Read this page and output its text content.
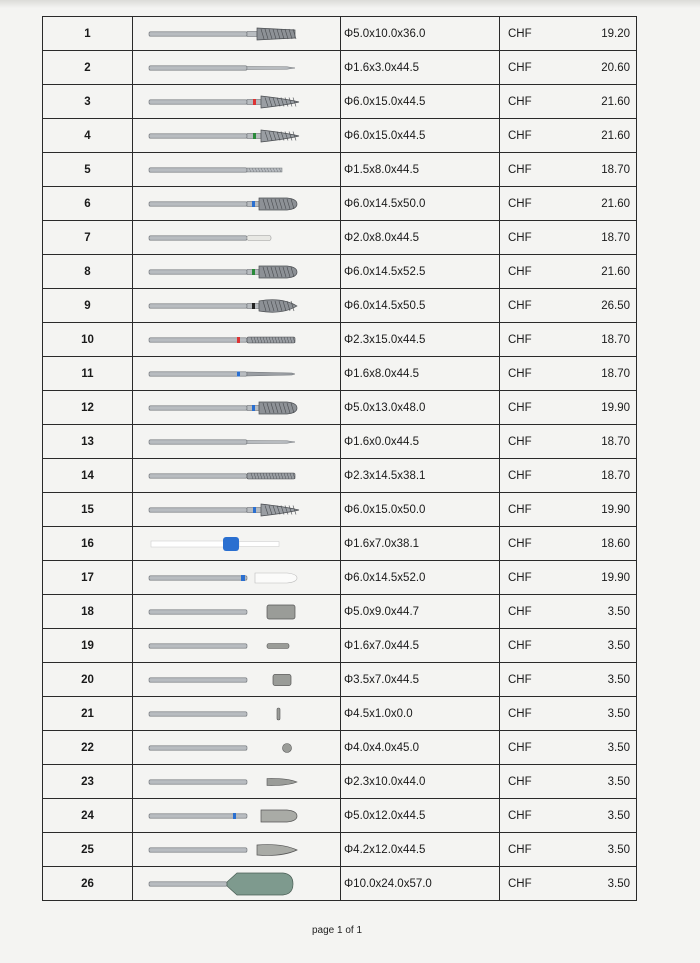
1		Φ5.0x10.0x36.0	CHF 19.20

2		Φ1.6x3.0x44.5	CHF 20.60

3		Φ6.0x15.0x44.5	CHF 21.60

4		Φ6.0x15.0x44.5	CHF 21.60

5		Φ1.5x8.0x44.5	CHF 18.70

6		Φ6.0x14.5x50.0	CHF 21.60

7		Φ2.0x8.0x44.5	CHF 18.70

8		Φ6.0x14.5x52.5	CHF 21.60

9		Φ6.0x14.5x50.5	CHF 26.50

10		Φ2.3x15.0x44.5	CHF 18.70

11		Φ1.6x8.0x44.5	CHF 18.70

12		Φ5.0x13.0x48.0	CHF 19.90

13		Φ1.6x0.0x44.5	CHF 18.70

14		Φ2.3x14.5x38.1	CHF 18.70

15		Φ6.0x15.0x50.0	CHF 19.90

16		Φ1.6x7.0x38.1	CHF 18.60

17		Φ6.0x14.5x52.0	CHF 19.90

18		Φ5.0x9.0x44.7	CHF 3.50

19		Φ1.6x7.0x44.5	CHF 3.50

20		Φ3.5x7.0x44.5	CHF 3.50

21		Φ4.5x1.0x0.0	CHF 3.50

22		Φ4.0x4.0x45.0	CHF 3.50

23		Φ2.3x10.0x44.0	CHF 3.50

24		Φ5.0x12.0x44.5	CHF 3.50

25		Φ4.2x12.0x44.5	CHF 3.50

26		Φ10.0x24.0x57.0	CHF 3.50
page 1 of 1
